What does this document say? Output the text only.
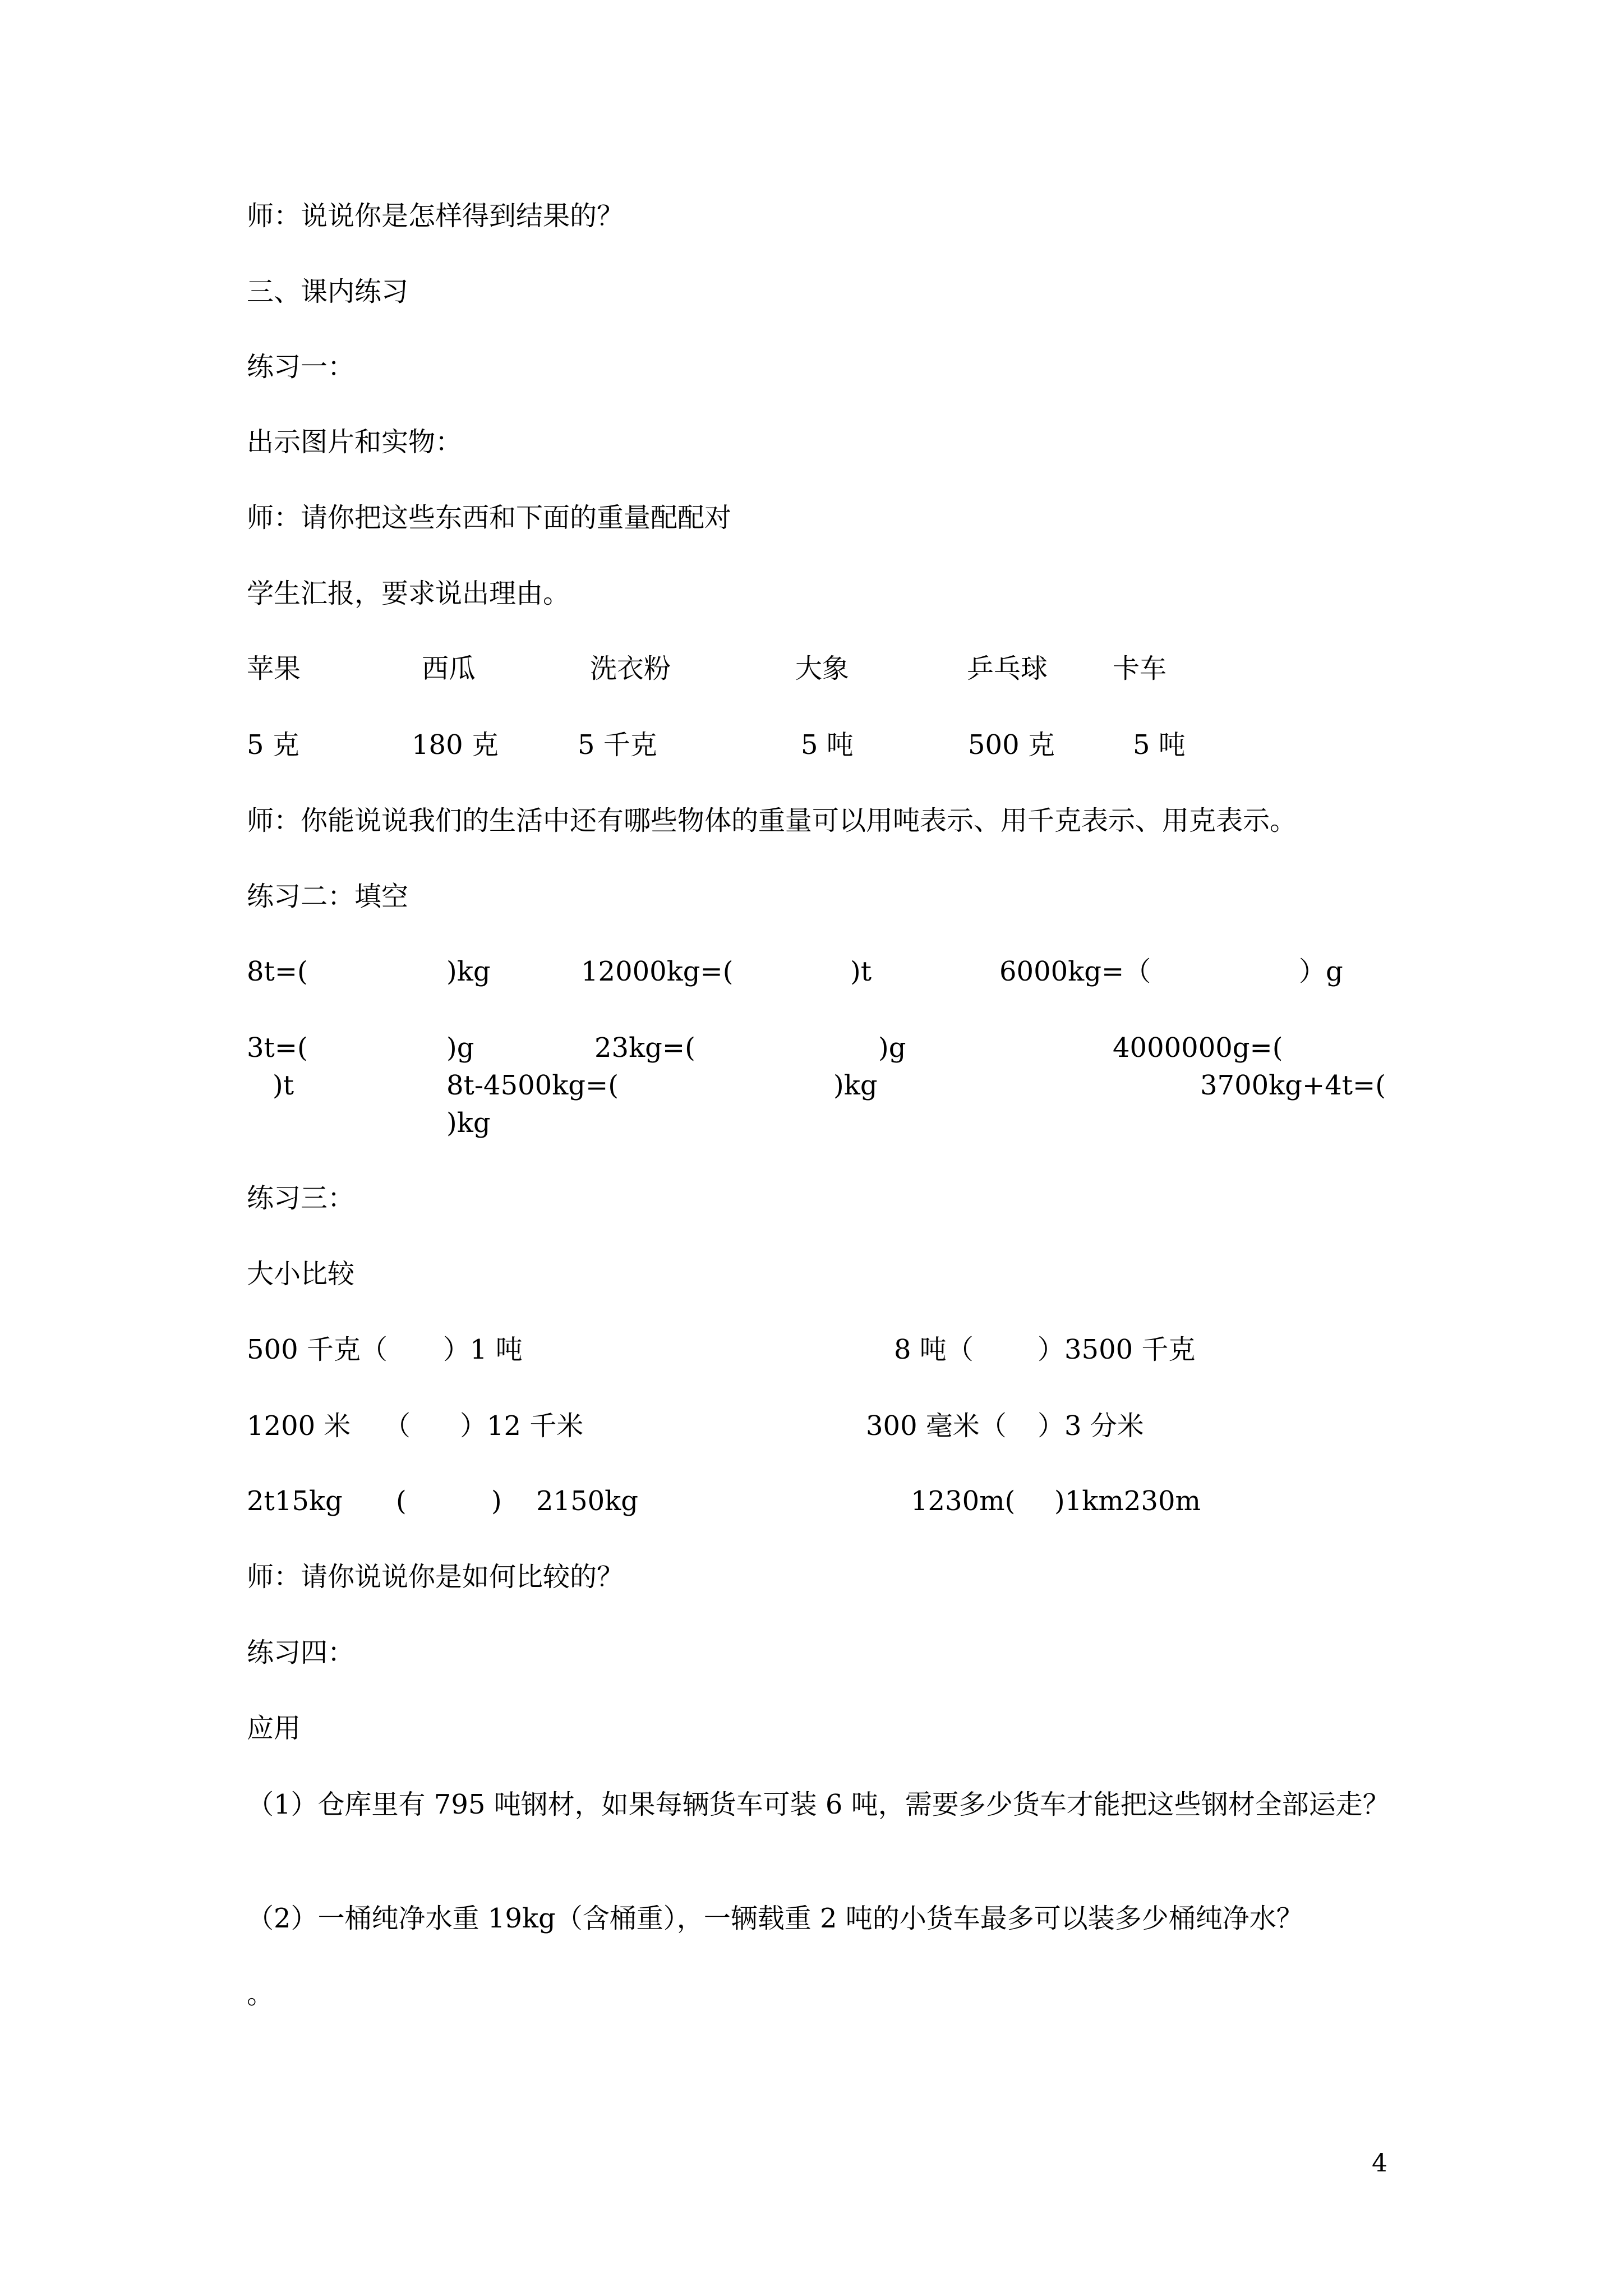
师：说说你是怎样得到结果的？
三、课内练习
练习一：
出示图片和实物：
师：请你把这些东西和下面的重量配配对
学生汇报，要求说出理由。
苹果	西瓜	洗衣粉	大象	乒乓球 卡车
5 克	180 克	5 千克	5 吨	500 克	5 吨
师：你能说说我们的生活中还有哪些物体的重量可以用吨表示、用千克表示、用克表示。
练习二：填空
8t=(	)kg	12000kg=(	)t	6000kg=（	）g
3t=(	)g	23kg=(	)g	4000000g=(
)t	8t-4500kg=(	)kg	3700kg+4t=(
)kg
练习三：
大小比较
500 千克（ ）1 吨	8 吨（ ）3500 千克
1200 米 （ ）12 千米	300 毫米（ ）3 分米
2t15kg (	) 2150kg	1230m( )1km230m
师：请你说说你是如何比较的？
练习四：
应用
（1）仓库里有 795 吨钢材，如果每辆货车可装 6 吨，需要多少货车才能把这些钢材全部运走？
（2）一桶纯净水重 19kg（含桶重），一辆载重 2 吨的小货车最多可以装多少桶纯净水？
。
4
